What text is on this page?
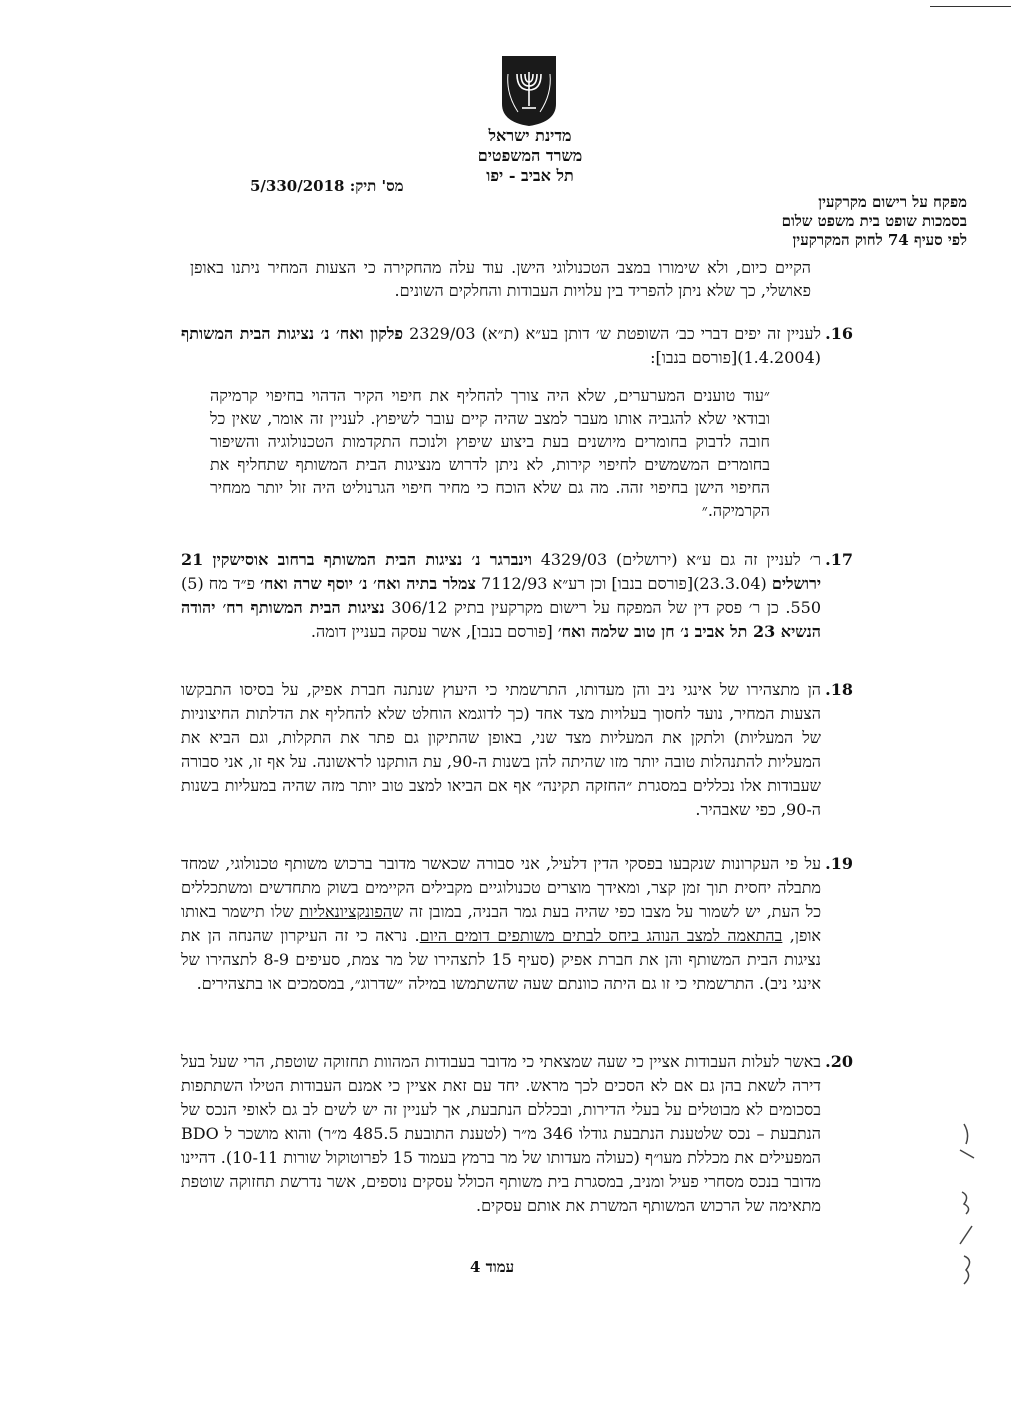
מדינת ישראל
משרד המשפטים
תל אביב - יפו
מס' תיק: 5/330/2018
מפקח על רישום מקרקעין
בסמכות שופט בית משפט שלום
לפי סעיף 74 לחוק המקרקעין

הקיים כיום, ולא שימורו במצב הטכנולוגי הישן. עוד עלה מהחקירה כי הצעות המחיר ניתנו באופן פאושלי, כך שלא ניתן להפריד בין עלויות העבודות והחלקים השונים.

16.

לעניין זה יפים דברי כב׳ השופטת ש׳ דותן בע״א (ת״א) 2329/03 פלקון ואח׳ נ׳ נציגות הבית המשותף (1.4.2004)[פורסם בנבו]:

״עוד טוענים המערערים, שלא היה צורך להחליף את חיפוי הקיר הדהוי בחיפוי קרמיקה ובודאי שלא להגביה אותו מעבר למצב שהיה קיים עובר לשיפוץ. לעניין זה אומר, שאין כל חובה לדבוק בחומרים מיושנים בעת ביצוע שיפוץ ולנוכח התקדמות הטכנולוגיה והשיפור בחומרים המשמשים לחיפוי קירות, לא ניתן לדרוש מנציגות הבית המשותף שתחליף את החיפוי הישן בחיפוי זהה. מה גם שלא הוכח כי מחיר חיפוי הגרנוליט היה זול יותר ממחיר הקרמיקה.״

17.

ר׳ לעניין זה גם ע״א (ירושלים) 4329/03 וינברגר נ׳ נציגות הבית המשותף ברחוב אוסישקין 21 ירושלים (23.3.04)[פורסם בנבו] וכן רע״א 7112/93 צמלר בתיה ואח׳ נ׳ יוסף שרה ואח׳ פ״ד מח (5) 550. כן ר׳ פסק דין של המפקח על רישום מקרקעין בתיק 306/12 נציגות הבית המשותף רח׳ יהודה הנשיא 23 תל אביב נ׳ חן טוב שלמה ואח׳ [פורסם בנבו], אשר עסקה בעניין דומה.

18.

הן מתצהירו של אינגי ניב והן מעדותו, התרשמתי כי היעוץ שנתנה חברת אפיק, על בסיסו התבקשו הצעות המחיר, נועד לחסוך בעלויות מצד אחד (כך לדוגמא הוחלט שלא להחליף את הדלתות החיצוניות של המעליות) ולתקן את המעליות מצד שני, באופן שהתיקון גם פתר את התקלות, וגם הביא את המעליות להתנהלות טובה יותר מזו שהיתה להן בשנות ה-90, עת הותקנו לראשונה. על אף זו, אני סבורה שעבודות אלו נכללים במסגרת ״החזקה תקינה״ אף אם הביאו למצב טוב יותר מזה שהיה במעליות בשנות ה-90, כפי שאבהיר.

19.

על פי העקרונות שנקבעו בפסקי הדין דלעיל, אני סבורה שכאשר מדובר ברכוש משותף טכנולוגי, שמחד מתבלה יחסית תוך זמן קצר, ומאידך מוצרים טכנולוגיים מקבילים הקיימים בשוק מתחדשים ומשתכללים כל העת, יש לשמור על מצבו כפי שהיה בעת גמר הבניה, במובן זה שהפונקציונאליות שלו תישמר באותו אופן, בהתאמה למצב הנוהג ביחס לבתים משותפים דומים היום. נראה כי זה העיקרון שהנחה הן את נציגות הבית המשותף והן את חברת אפיק (סעיף 15 לתצהירו של מר צמת, סעיפים 8-9 לתצהירו של אינגי ניב). התרשמתי כי זו גם היתה כוונתם שעה שהשתמשו במילה ״שדרוג״, במסמכים או בתצהירים.

20.

באשר לעלות העבודות אציין כי שעה שמצאתי כי מדובר בעבודות המהוות תחזוקה שוטפת, הרי שעל בעל דירה לשאת בהן גם אם לא הסכים לכך מראש. יחד עם זאת אציין כי אמנם העבודות הטילו השתתפות בסכומים לא מבוטלים על בעלי הדירות, ובכללם הנתבעת, אך לעניין זה יש לשים לב גם לאופי הנכס של הנתבעת – נכס שלטענת הנתבעת גודלו 346 מ״ר (לטענת התובעת 485.5 מ״ר) והוא מושכר ל BDO המפעילים את מכללת מעו״ף (כעולה מעדותו של מר ברמץ בעמוד 15 לפרוטוקול שורות 10-11). דהיינו מדובר בנכס מסחרי פעיל ומניב, במסגרת בית משותף הכולל עסקים נוספים, אשר נדרשת תחזוקה שוטפת מתאימה של הרכוש המשותף המשרת את אותם עסקים.

עמוד 4
